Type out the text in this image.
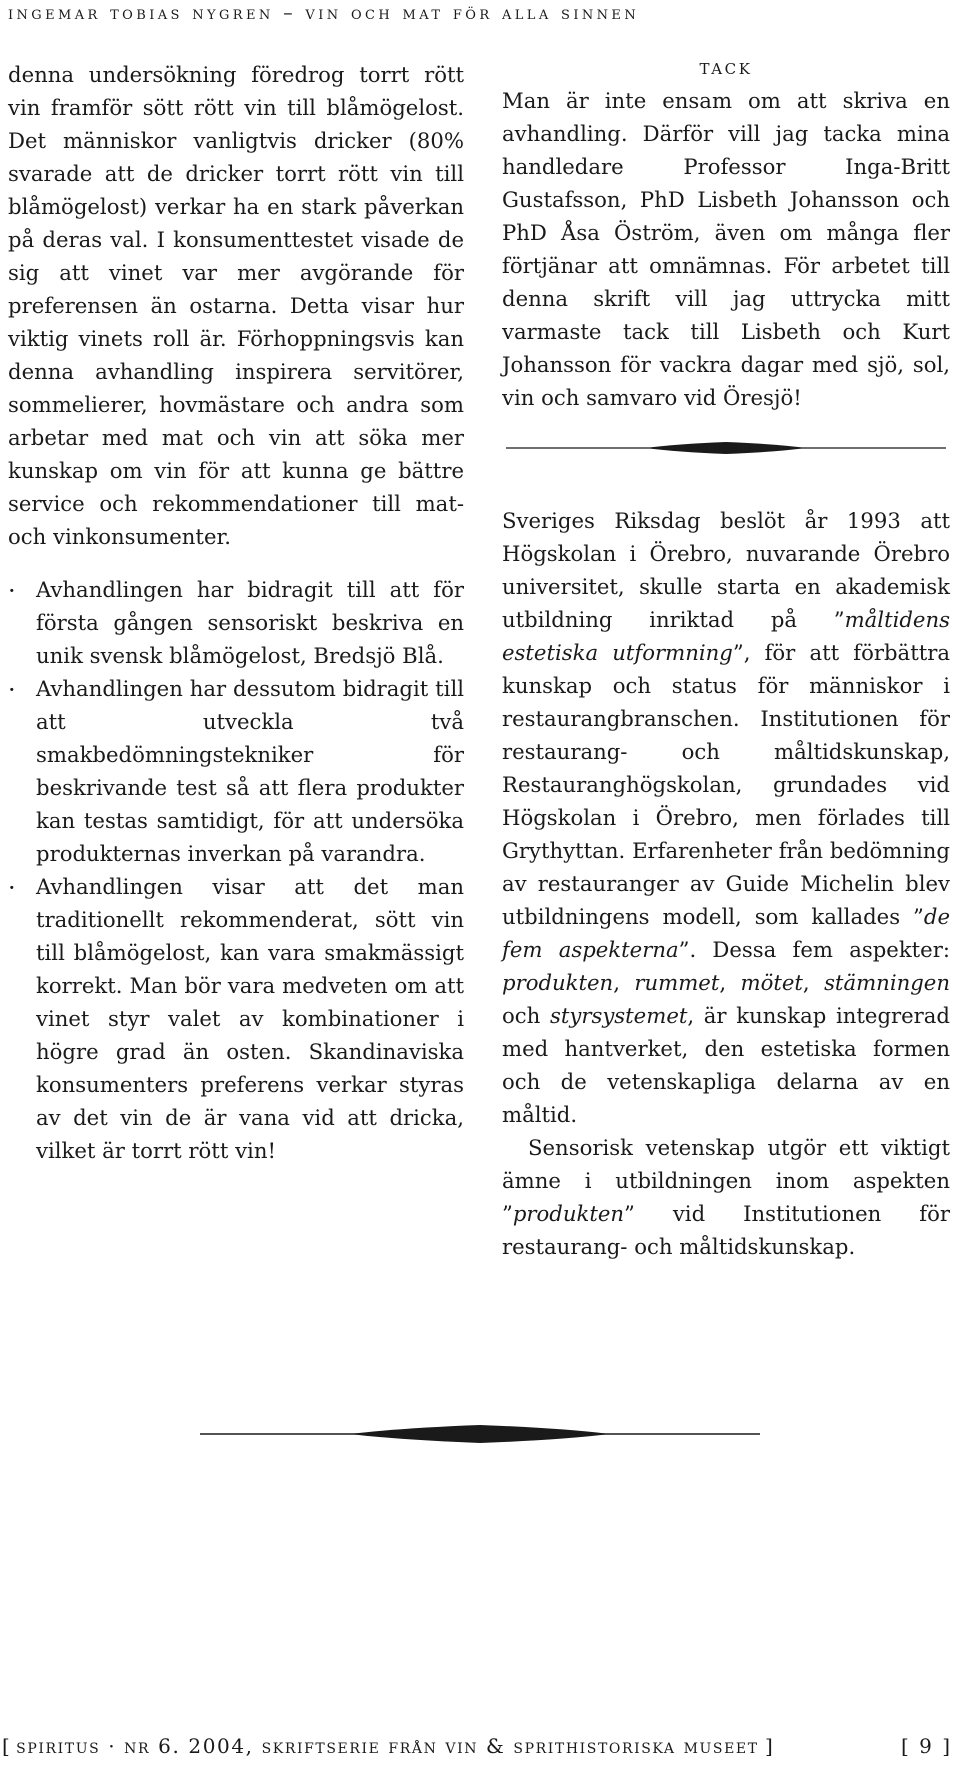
ingemar tobias nygren – vin och mat för alla sinnen

denna undersökning föredrog torrt rött vin framför sött rött vin till blåmögelost. Det människor vanligtvis dricker (80% svarade att de dricker torrt rött vin till blåmögelost) verkar ha en stark påverkan på deras val. I konsumenttestet visade de sig att vinet var mer avgörande för preferensen än ostarna. Detta visar hur viktig vinets roll är. Förhoppningsvis kan denna avhandling inspirera servitörer, sommelierer, hovmästare och andra som arbetar med mat och vin att söka mer kunskap om vin för att kunna ge bättre service och rekommendationer till mat- och vinkonsumenter.

· Avhandlingen har bidragit till att för första gången sensoriskt beskriva en unik svensk blåmögelost, Bredsjö Blå.
· Avhandlingen har dessutom bidragit till att utveckla två smakbedömningstekniker för beskrivande test så att flera produkter kan testas samtidigt, för att undersöka produkternas inverkan på varandra.
· Avhandlingen visar att det man traditionellt rekommenderat, sött vin till blåmögelost, kan vara smakmässigt korrekt. Man bör vara medveten om att vinet styr valet av kombinationer i högre grad än osten. Skandinaviska konsumenters preferens verkar styras av det vin de är vana vid att dricka, vilket är torrt rött vin!
tack

Man är inte ensam om att skriva en avhandling. Därför vill jag tacka mina handledare Professor Inga-Britt Gustafsson, PhD Lisbeth Johansson och PhD Åsa Öström, även om många fler förtjänar att omnämnas. För arbetet till denna skrift vill jag uttrycka mitt varmaste tack till Lisbeth och Kurt Johansson för vackra dagar med sjö, sol, vin och samvaro vid Öresjö!

Sveriges Riksdag beslöt år 1993 att Högskolan i Örebro, nuvarande Örebro universitet, skulle starta en akademisk utbildning inriktad på ”måltidens estetiska utformning”, för att förbättra kunskap och status för människor i restaurangbranschen. Institutionen för restaurang- och måltidskunskap, Restauranghögskolan, grundades vid Högskolan i Örebro, men förlades till Grythyttan. Erfarenheter från bedömning av restauranger av Guide Michelin blev utbildningens modell, som kallades ”de fem aspekterna”. Dessa fem aspekter: produkten, rummet, mötet, stämningen och styrsystemet, är kunskap integrerad med hantverket, den estetiska formen och de vetenskapliga delarna av en måltid.

Sensorisk vetenskap utgör ett viktigt ämne i utbildningen inom aspekten ”produkten” vid Institutionen för restaurang- och måltidskunskap.

[ spiritus · nr 6. 2004, skriftserie från vin & sprithistoriska museet ]	[ 9 ]
